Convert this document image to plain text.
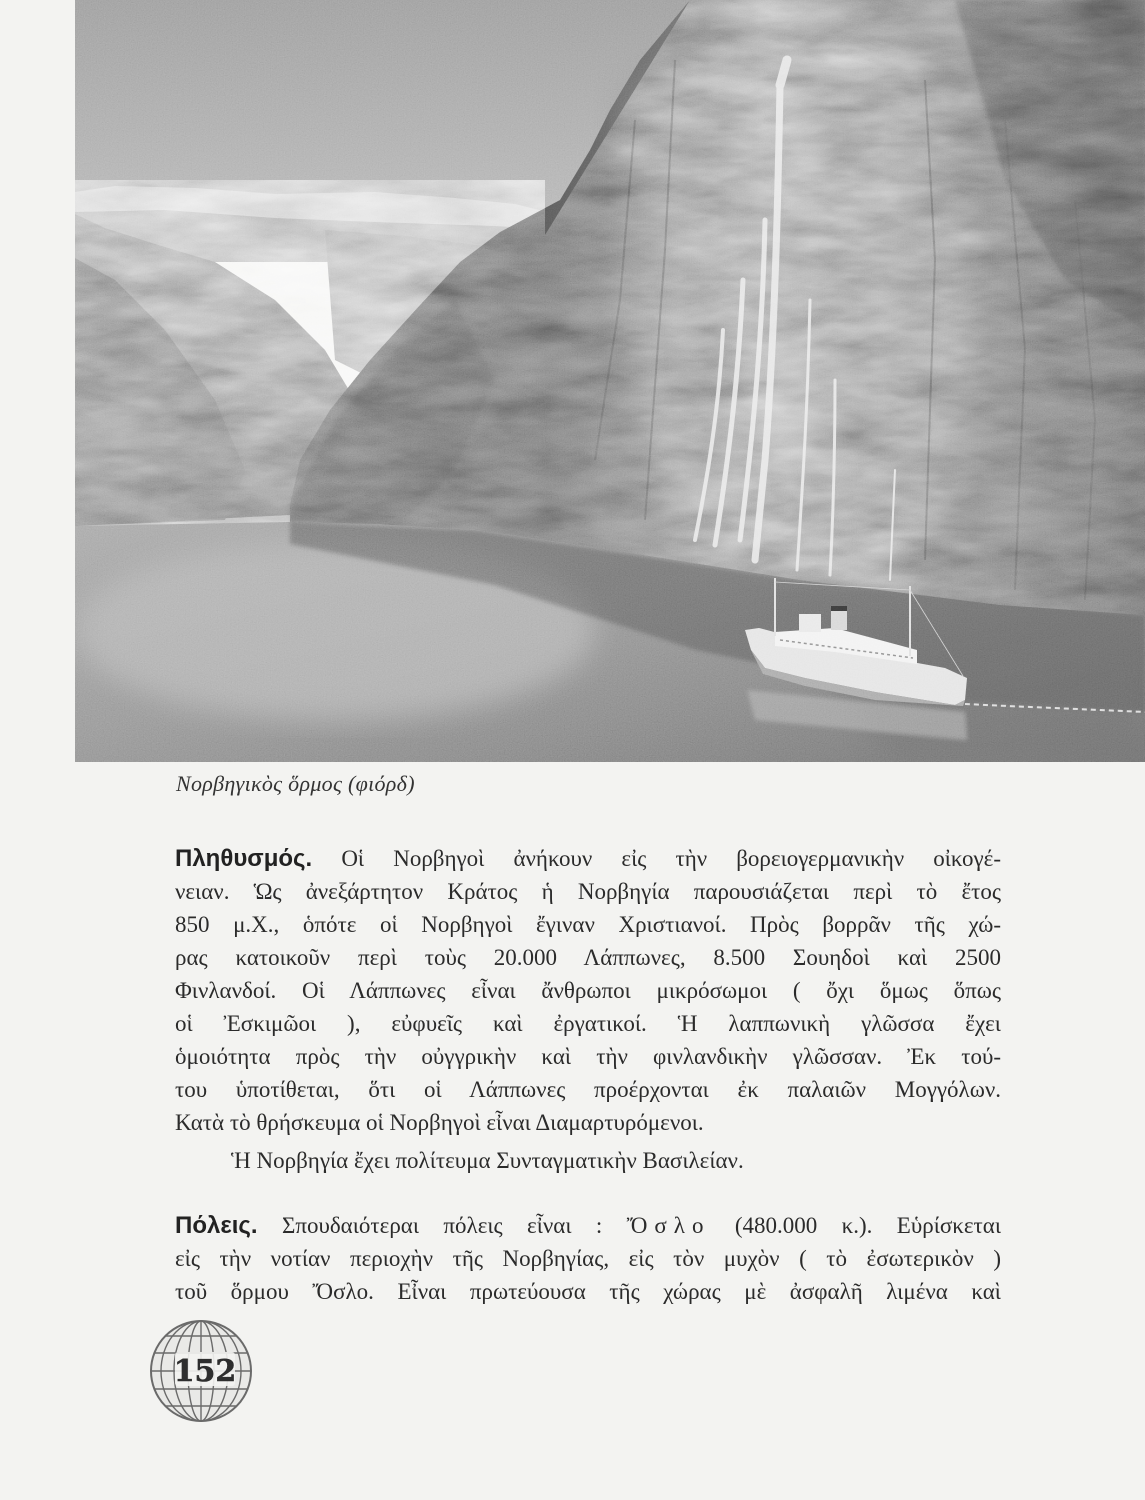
Νορβηγικὸς ὅρμος (φιόρδ)
Πληθυσμός. Οἱ Νορβηγοὶ ἀνήκουν εἰς τὴν βορειογερμανικὴν οἰκογέ-
νειαν. Ὡς ἀνεξάρτητον Κράτος ἡ Νορβηγία παρουσιάζεται περὶ τὸ ἔτος
850 μ.Χ., ὁπότε οἱ Νορβηγοὶ ἔγιναν Χριστιανοί. Πρὸς βορρᾶν τῆς χώ-
ρας κατοικοῦν περὶ τοὺς 20.000 Λάππωνες, 8.500 Σουηδοὶ καὶ 2500
Φινλανδοί. Οἱ Λάππωνες εἶναι ἄνθρωποι μικρόσωμοι ( ὄχι ὅμως ὅπως
οἱ Ἐσκιμῶοι ), εὐφυεῖς καὶ ἐργατικοί. Ἡ λαππωνικὴ γλῶσσα ἔχει
ὁμοιότητα πρὸς τὴν οὐγγρικὴν καὶ τὴν φινλανδικὴν γλῶσσαν. Ἐκ τού-
του ὑποτίθεται, ὅτι οἱ Λάππωνες προέρχονται ἐκ παλαιῶν Μογγόλων.
Κατὰ τὸ θρήσκευμα οἱ Νορβηγοὶ εἶναι Διαμαρτυρόμενοι.
Ἡ Νορβηγία ἔχει πολίτευμα Συνταγματικὴν Βασιλείαν.
Πόλεις. Σπουδαιότεραι πόλεις εἶναι : Ὄσλο (480.000 κ.). Εὑρίσκεται
εἰς τὴν νοτίαν περιοχὴν τῆς Νορβηγίας, εἰς τὸν μυχὸν ( τὸ ἐσωτερικὸν )
τοῦ ὅρμου Ὄσλο. Εἶναι πρωτεύουσα τῆς χώρας μὲ ἀσφαλῆ λιμένα καὶ
152
